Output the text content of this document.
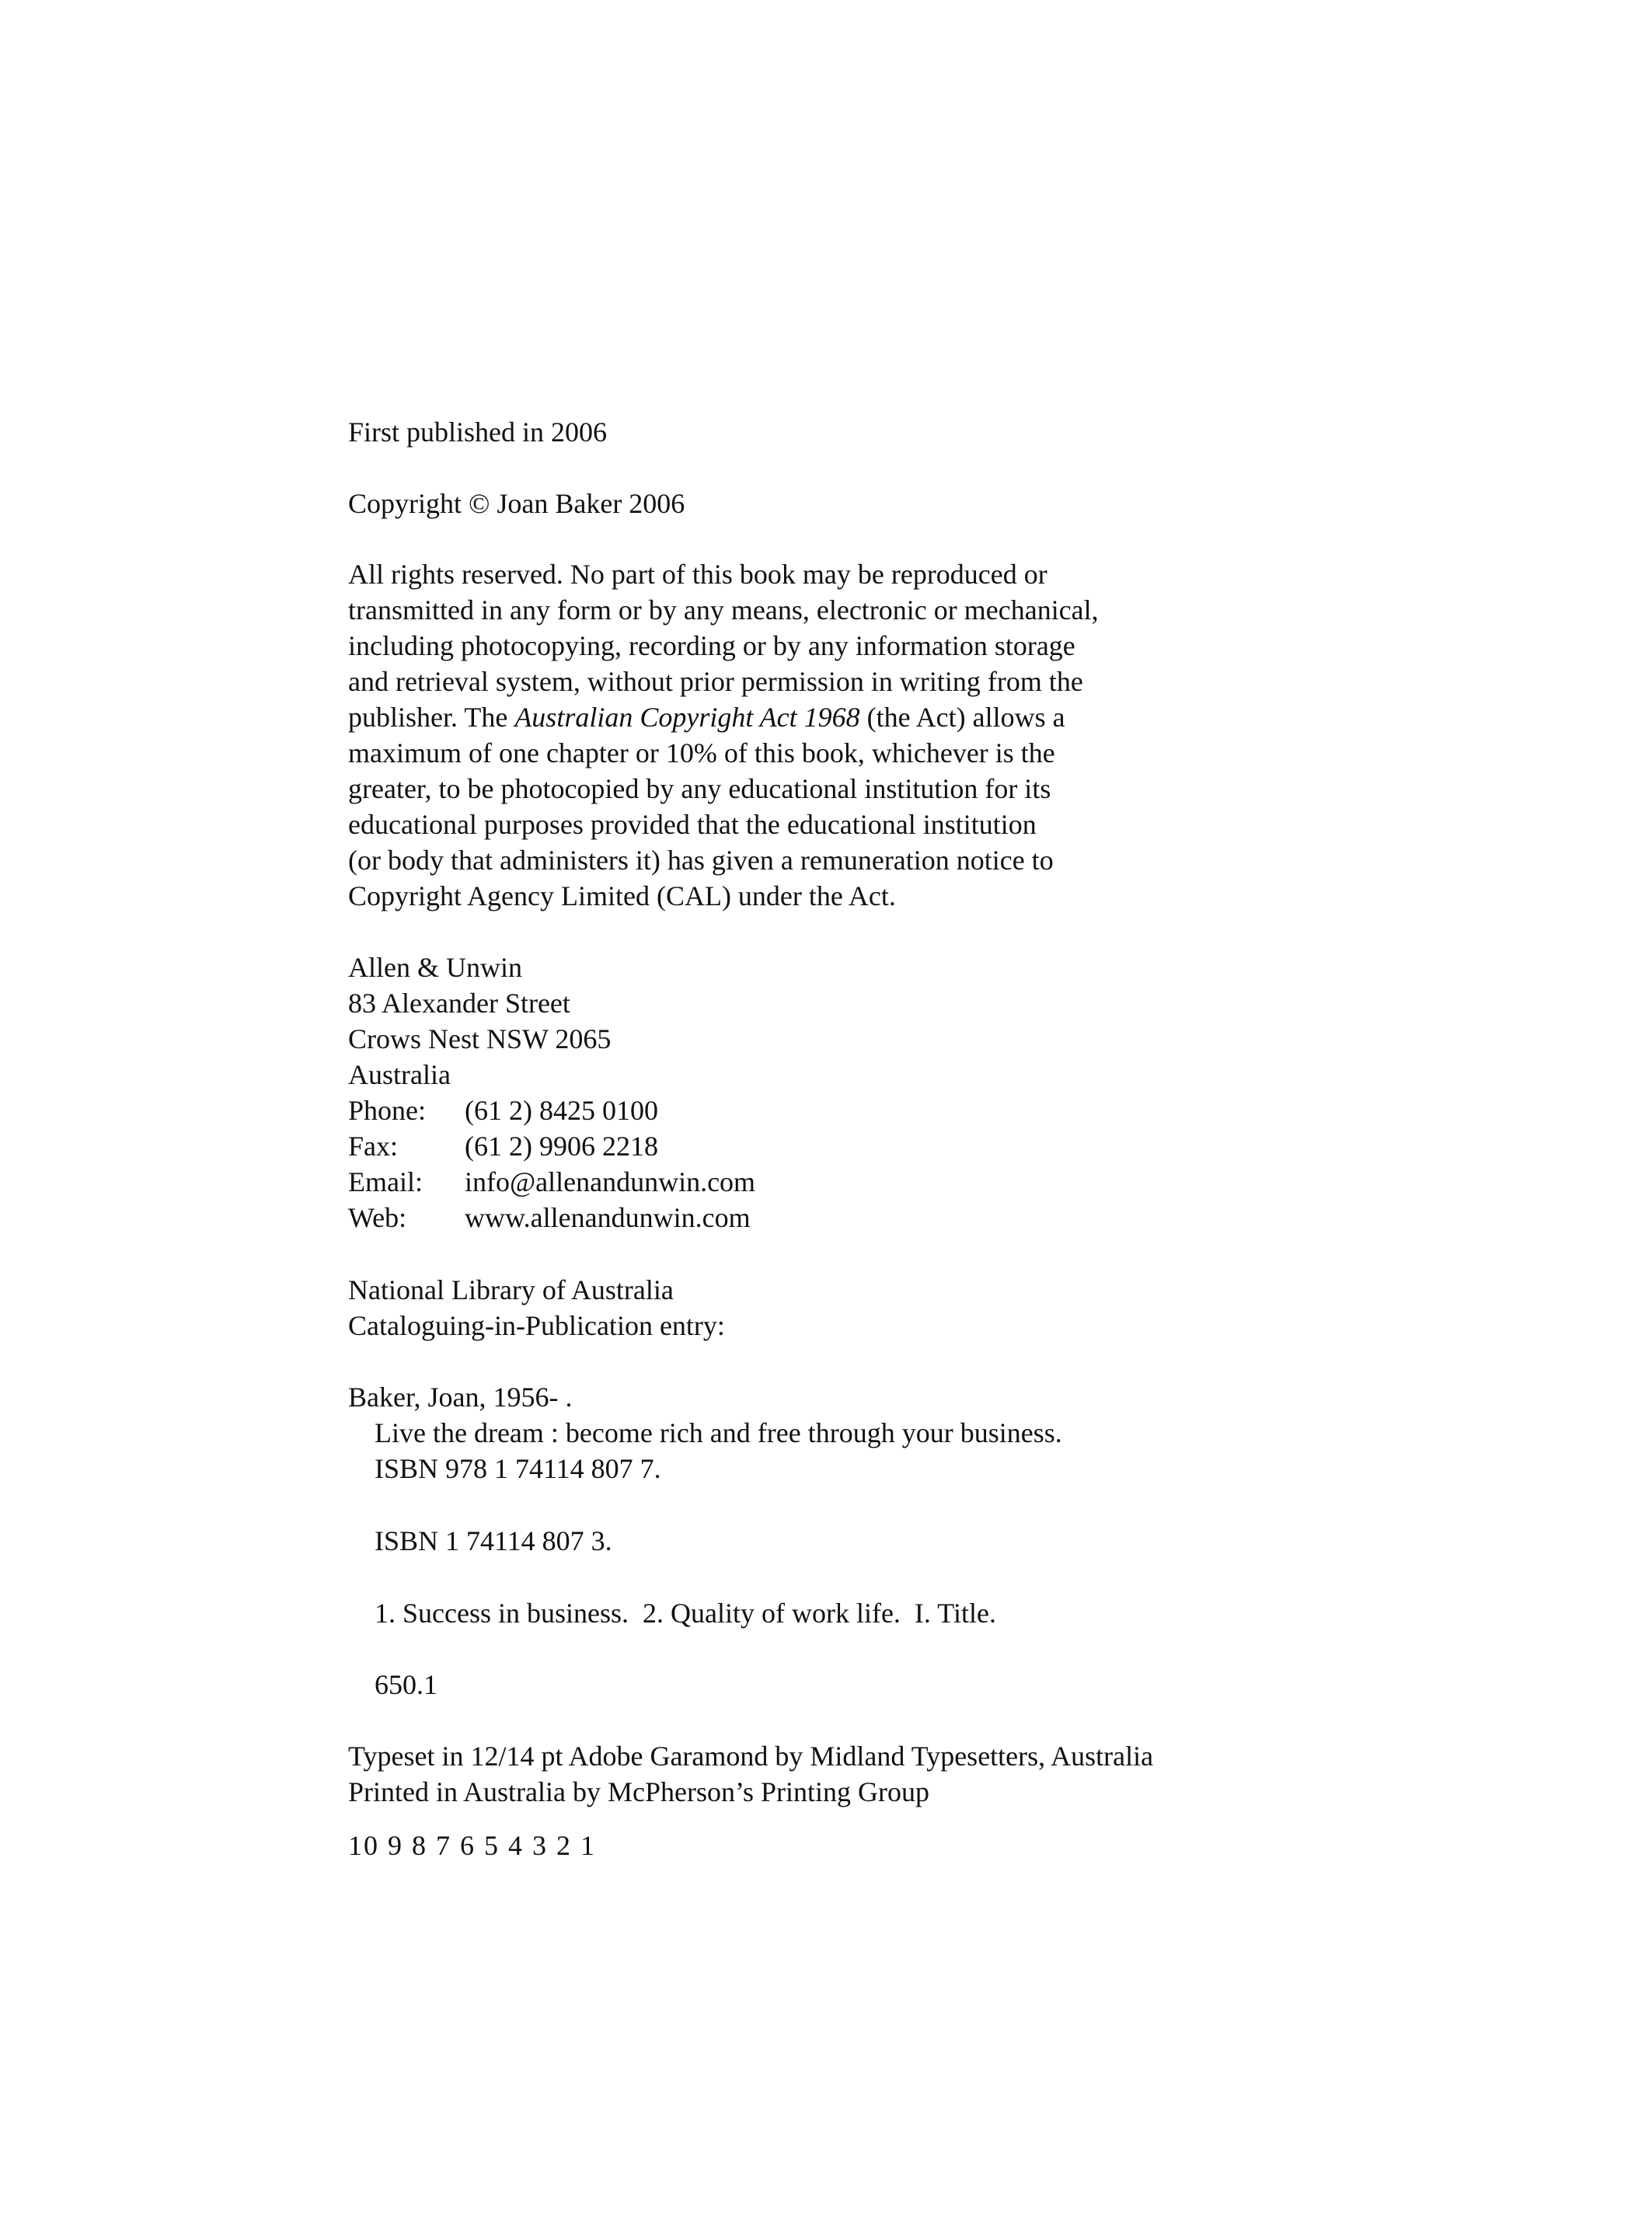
First published in 2006
Copyright © Joan Baker 2006
All rights reserved. No part of this book may be reproduced or
transmitted in any form or by any means, electronic or mechanical,
including photocopying, recording or by any information storage
and retrieval system, without prior permission in writing from the
publisher. The Australian Copyright Act 1968 (the Act) allows a
maximum of one chapter or 10% of this book, whichever is the
greater, to be photocopied by any educational institution for its
educational purposes provided that the educational institution
(or body that administers it) has given a remuneration notice to
Copyright Agency Limited (CAL) under the Act.
Allen & Unwin
83 Alexander Street
Crows Nest NSW 2065
Australia
Phone: (61 2) 8425 0100
Fax: (61 2) 9906 2218
Email: info@allenandunwin.com
Web: www.allenandunwin.com
National Library of Australia
Cataloguing-in-Publication entry:
Baker, Joan, 1956- .
Live the dream : become rich and free through your business.
ISBN 978 1 74114 807 7.
ISBN 1 74114 807 3.
1. Success in business.  2. Quality of work life.  I. Title.
650.1
Typeset in 12/14 pt Adobe Garamond by Midland Typesetters, Australia
Printed in Australia by McPherson’s Printing Group
10 9 8 7 6 5 4 3 2 1
